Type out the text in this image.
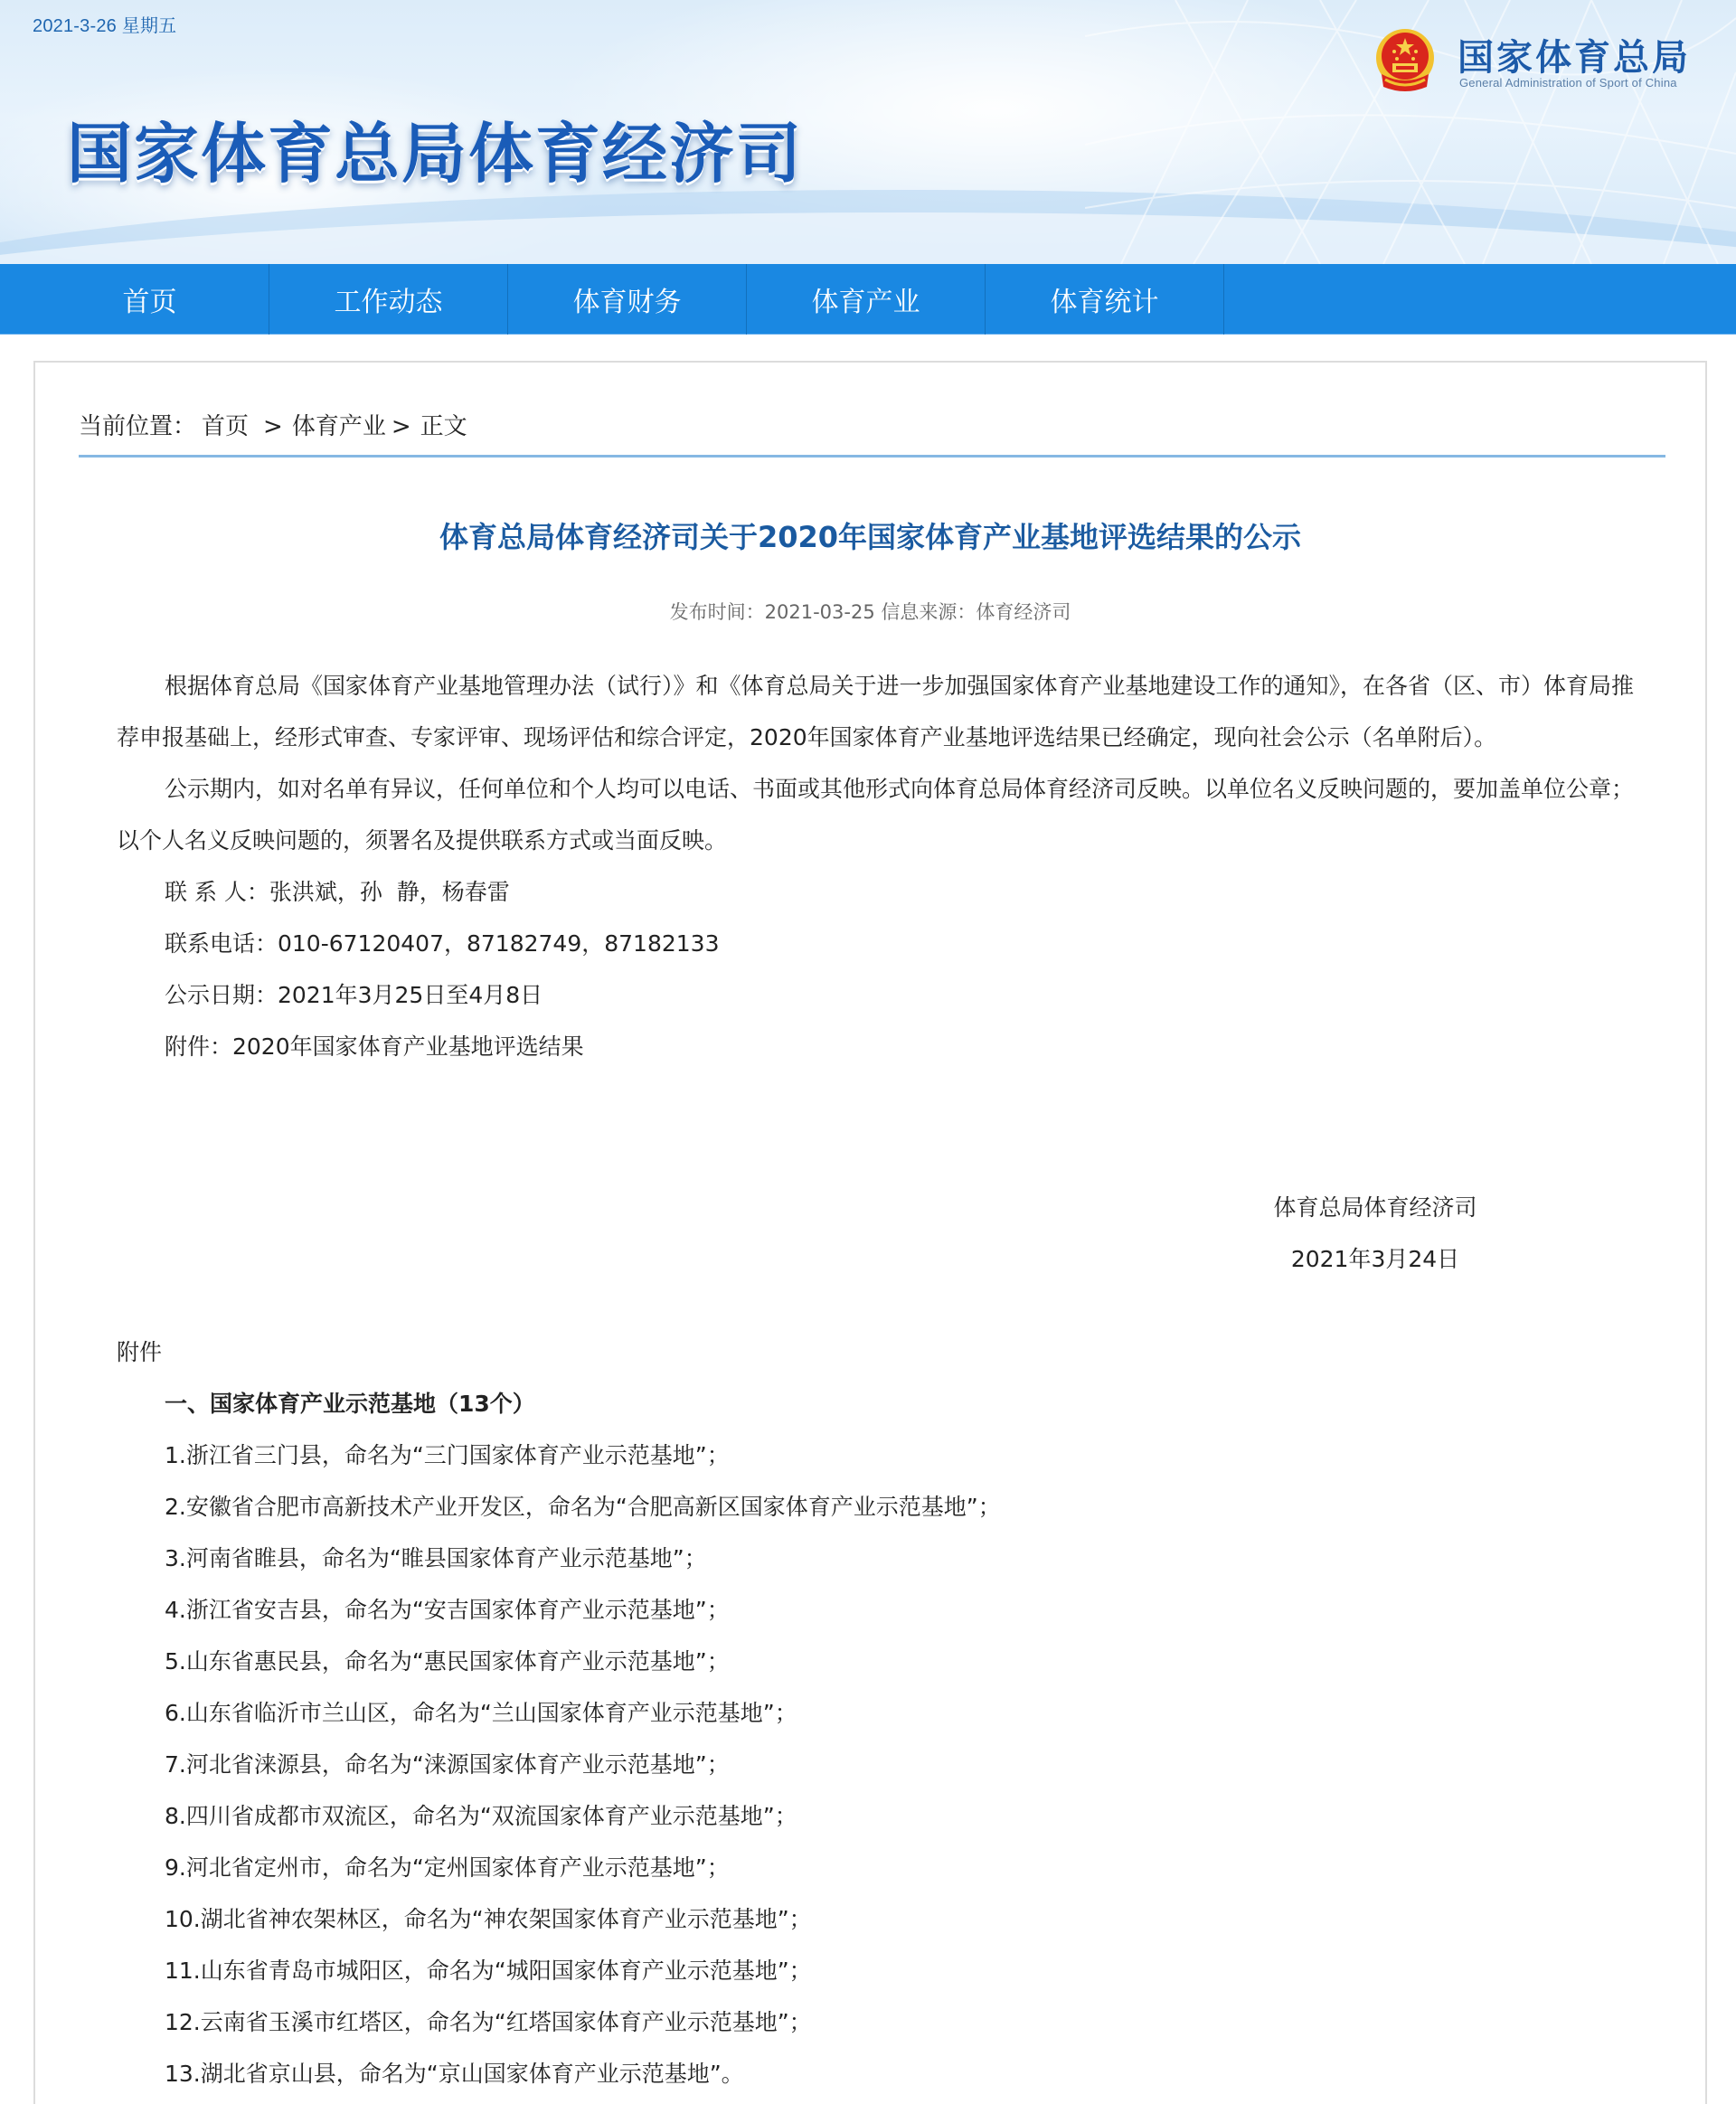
2021-3-26 星期五
国家体育总局体育经济司
国家体育总局
General Administration of Sport of China
首页	工作动态	体育财务	体育产业	体育统计
当前位置： 首页 > 体育产业 > 正文
体育总局体育经济司关于2020年国家体育产业基地评选结果的公示
发布时间：2021-03-25 信息来源：体育经济司

根据体育总局《国家体育产业基地管理办法（试行）》和《体育总局关于进一步加强国家体育产业基地建设工作的通知》，在各省（区、市）体育局推荐申报基础上，经形式审查、专家评审、现场评估和综合评定，2020年国家体育产业基地评选结果已经确定，现向社会公示（名单附后）。

公示期内，如对名单有异议，任何单位和个人均可以电话、书面或其他形式向体育总局体育经济司反映。以单位名义反映问题的，要加盖单位公章；以个人名义反映问题的，须署名及提供联系方式或当面反映。

联 系 人：张洪斌，孙  静，杨春雷

联系电话：010-67120407，87182749，87182133

公示日期：2021年3月25日至4月8日

附件：2020年国家体育产业基地评选结果

体育总局体育经济司
2021年3月24日
附件
一、国家体育产业示范基地（13个）
1.浙江省三门县，命名为“三门国家体育产业示范基地”；
2.安徽省合肥市高新技术产业开发区，命名为“合肥高新区国家体育产业示范基地”；
3.河南省睢县，命名为“睢县国家体育产业示范基地”；
4.浙江省安吉县，命名为“安吉国家体育产业示范基地”；
5.山东省惠民县，命名为“惠民国家体育产业示范基地”；
6.山东省临沂市兰山区，命名为“兰山国家体育产业示范基地”；
7.河北省涞源县，命名为“涞源国家体育产业示范基地”；
8.四川省成都市双流区，命名为“双流国家体育产业示范基地”；
9.河北省定州市，命名为“定州国家体育产业示范基地”；
10.湖北省神农架林区，命名为“神农架国家体育产业示范基地”；
11.山东省青岛市城阳区，命名为“城阳国家体育产业示范基地”；
12.云南省玉溪市红塔区，命名为“红塔国家体育产业示范基地”；
13.湖北省京山县，命名为“京山国家体育产业示范基地”。
